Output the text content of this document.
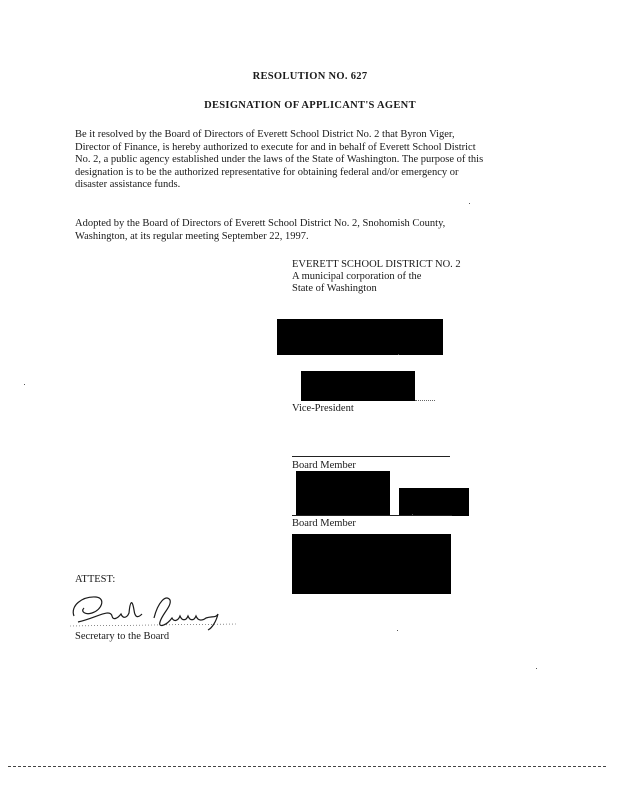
RESOLUTION NO. 627
DESIGNATION OF APPLICANT'S AGENT
Be it resolved by the Board of Directors of Everett School District No. 2 that Byron Viger,
Director of Finance, is hereby authorized to execute for and in behalf of Everett School District
No. 2, a public agency established under the laws of the State of Washington. The purpose of this
designation is to be the authorized representative for obtaining federal and/or emergency or
disaster assistance funds.
Adopted by the Board of Directors of Everett School District No. 2, Snohomish County,
Washington, at its regular meeting September 22, 1997.
EVERETT SCHOOL DISTRICT NO. 2
A municipal corporation of the
State of Washington
Vice-President
Board Member
Board Member
ATTEST:
Secretary to the Board
